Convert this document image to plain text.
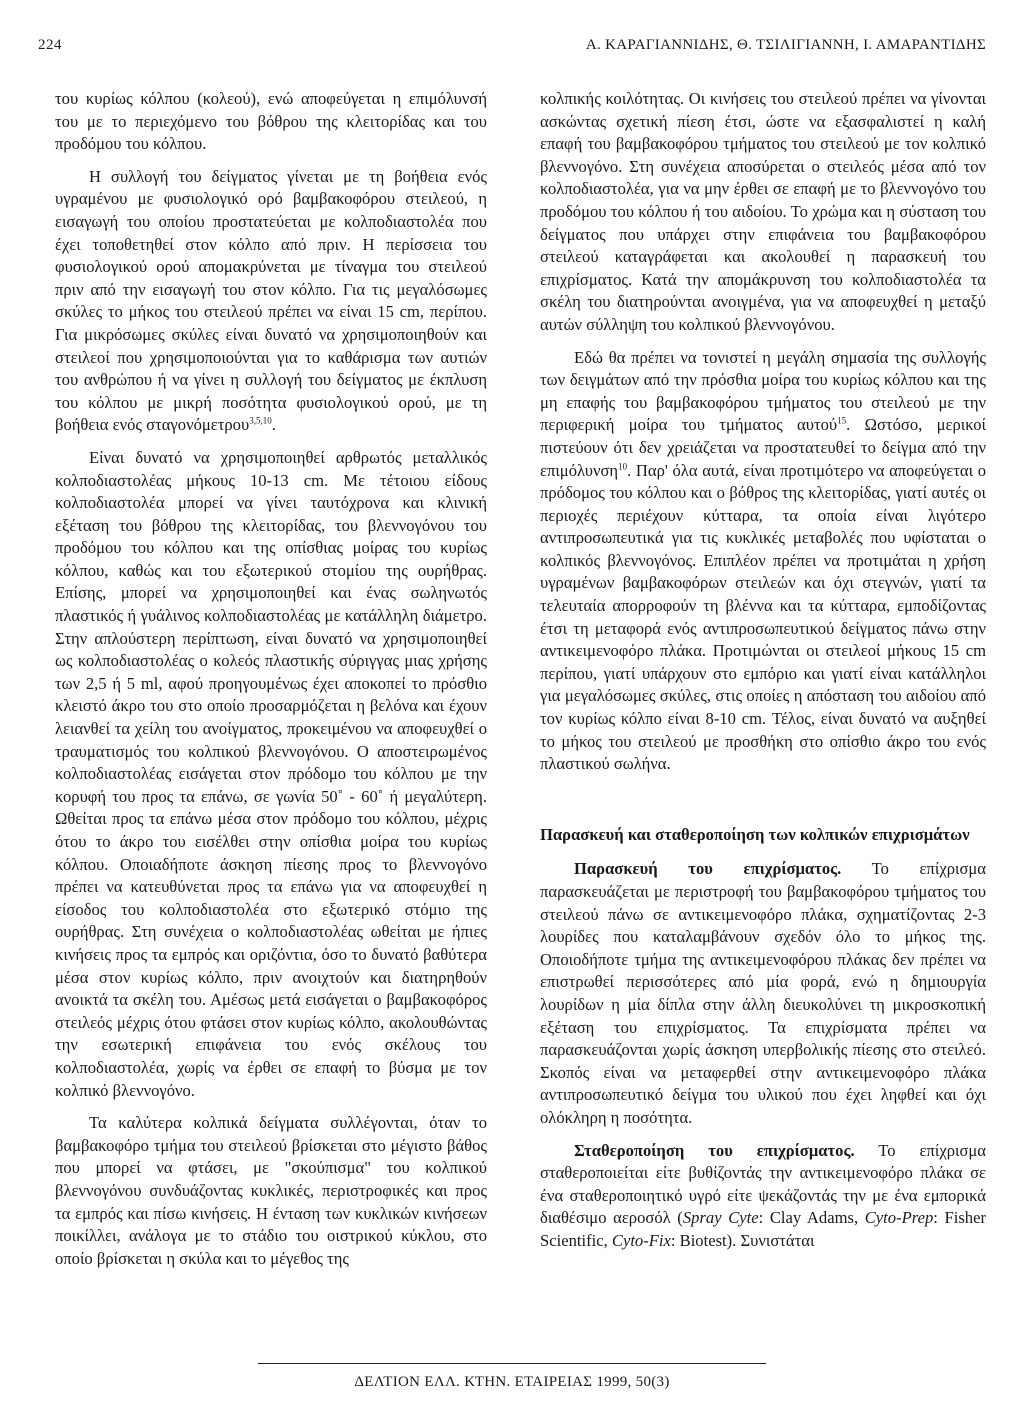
224	Α. ΚΑΡΑΓΙΑΝΝΙΔΗΣ, Θ. ΤΣΙΛΙΓΙΑΝΝΗ, Ι. ΑΜΑΡΑΝΤΙΔΗΣ

του κυρίως κόλπου (κολεού), ενώ αποφεύγεται η επιμόλυνσή του με το περιεχόμενο του βόθρου της κλειτορίδας και του προδόμου του κόλπου.

Η συλλογή του δείγματος γίνεται με τη βοήθεια ενός υγραμένου με φυσιολογικό ορό βαμβακοφόρου στειλεού, η εισαγωγή του οποίου προστατεύεται με κολποδιαστολέα που έχει τοποθετηθεί στον κόλπο από πριν. Η περίσσεια του φυσιολογικού ορού απομακρύνεται με τίναγμα του στειλεού πριν από την εισαγωγή του στον κόλπο. Για τις μεγαλόσωμες σκύλες το μήκος του στειλεού πρέπει να είναι 15 cm, περίπου. Για μικρόσωμες σκύλες είναι δυνατό να χρησιμοποιηθούν και στειλεοί που χρησιμοποιούνται για το καθάρισμα των αυτιών του ανθρώπου ή να γίνει η συλλογή του δείγματος με έκπλυση του κόλπου με μικρή ποσότητα φυσιολογικού ορού, με τη βοήθεια ενός σταγονόμετρου$^{3,5,10}$.

Είναι δυνατό να χρησιμοποιηθεί αρθρωτός μεταλλικός κολποδιαστολέας μήκους 10-13 cm. Με τέτοιου είδους κολποδιαστολέα μπορεί να γίνει ταυτόχρονα και κλινική εξέταση του βόθρου της κλειτορίδας, του βλεννογόνου του προδόμου του κόλπου και της οπίσθιας μοίρας του κυρίως κόλπου, καθώς και του εξωτερικού στομίου της ουρήθρας. Επίσης, μπορεί να χρησιμοποιηθεί και ένας σωληνωτός πλαστικός ή γυάλινος κολποδιαστολέας με κατάλληλη διάμετρο. Στην απλούστερη περίπτωση, είναι δυνατό να χρησιμοποιηθεί ως κολποδιαστολέας ο κολεός πλαστικής σύριγγας μιας χρήσης των 2,5 ή 5 ml, αφού προηγουμένως έχει αποκοπεί το πρόσθιο κλειστό άκρο του στο οποίο προσαρμόζεται η βελόνα και έχουν λειανθεί τα χείλη του ανοίγματος, προκειμένου να αποφευχθεί ο τραυματισμός του κολπικού βλεννογόνου. Ο αποστειρωμένος κολποδιαστολέας εισάγεται στον πρόδομο του κόλπου με την κορυφή του προς τα επάνω, σε γωνία 50˚ - 60˚ ή μεγαλύτερη. Ωθείται προς τα επάνω μέσα στον πρόδομο του κόλπου, μέχρις ότου το άκρο του εισέλθει στην οπίσθια μοίρα του κυρίως κόλπου. Οποιαδήποτε άσκηση πίεσης προς το βλεννογόνο πρέπει να κατευθύνεται προς τα επάνω για να αποφευχθεί η είσοδος του κολποδιαστολέα στο εξωτερικό στόμιο της ουρήθρας. Στη συνέχεια ο κολποδιαστολέας ωθείται με ήπιες κινήσεις προς τα εμπρός και οριζόντια, όσο το δυνατό βαθύτερα μέσα στον κυρίως κόλπο, πριν ανοιχτούν και διατηρηθούν ανοικτά τα σκέλη του. Αμέσως μετά εισάγεται ο βαμβακοφόρος στειλεός μέχρις ότου φτάσει στον κυρίως κόλπο, ακολουθώντας την εσωτερική επιφάνεια του ενός σκέλους του κολποδιαστολέα, χωρίς να έρθει σε επαφή το βύσμα με τον κολπικό βλεννογόνο.

Τα καλύτερα κολπικά δείγματα συλλέγονται, όταν το βαμβακοφόρο τμήμα του στειλεού βρίσκεται στο μέγιστο βάθος που μπορεί να φτάσει, με "σκούπισμα" του κολπικού βλεννογόνου συνδυάζοντας κυκλικές, περιστροφικές και προς τα εμπρός και πίσω κινήσεις. Η ένταση των κυκλικών κινήσεων ποικίλλει, ανάλογα με το στάδιο του οιστρικού κύκλου, στο οποίο βρίσκεται η σκύλα και το μέγεθος της

κολπικής κοιλότητας. Οι κινήσεις του στειλεού πρέπει να γίνονται ασκώντας σχετική πίεση έτσι, ώστε να εξασφαλιστεί η καλή επαφή του βαμβακοφόρου τμήματος του στειλεού με τον κολπικό βλεννογόνο. Στη συνέχεια αποσύρεται ο στειλεός μέσα από τον κολποδιαστολέα, για να μην έρθει σε επαφή με το βλεννογόνο του προδόμου του κόλπου ή του αιδοίου. Το χρώμα και η σύσταση του δείγματος που υπάρχει στην επιφάνεια του βαμβακοφόρου στειλεού καταγράφεται και ακολουθεί η παρασκευή του επιχρίσματος. Κατά την απομάκρυνση του κολποδιαστολέα τα σκέλη του διατηρούνται ανοιγμένα, για να αποφευχθεί η μεταξύ αυτών σύλληψη του κολπικού βλεννογόνου.

Εδώ θα πρέπει να τονιστεί η μεγάλη σημασία της συλλογής των δειγμάτων από την πρόσθια μοίρα του κυρίως κόλπου και της μη επαφής του βαμβακοφόρου τμήματος του στειλεού με την περιφερική μοίρα του τμήματος αυτού$^{15}$. Ωστόσο, μερικοί πιστεύουν ότι δεν χρειάζεται να προστατευθεί το δείγμα από την επιμόλυνση$^{10}$. Παρ' όλα αυτά, είναι προτιμότερο να αποφεύγεται ο πρόδομος του κόλπου και ο βόθρος της κλειτορίδας, γιατί αυτές οι περιοχές περιέχουν κύτταρα, τα οποία είναι λιγότερο αντιπροσωπευτικά για τις κυκλικές μεταβολές που υφίσταται ο κολπικός βλεννογόνος. Επιπλέον πρέπει να προτιμάται η χρήση υγραμένων βαμβακοφόρων στειλεών και όχι στεγνών, γιατί τα τελευταία απορροφούν τη βλέννα και τα κύτταρα, εμποδίζοντας έτσι τη μεταφορά ενός αντιπροσωπευτικού δείγματος πάνω στην αντικειμενοφόρο πλάκα. Προτιμώνται οι στειλεοί μήκους 15 cm περίπου, γιατί υπάρχουν στο εμπόριο και γιατί είναι κατάλληλοι για μεγαλόσωμες σκύλες, στις οποίες η απόσταση του αιδοίου από τον κυρίως κόλπο είναι 8-10 cm. Τέλος, είναι δυνατό να αυξηθεί το μήκος του στειλεού με προσθήκη στο οπίσθιο άκρο του ενός πλαστικού σωλήνα.

Παρασκευή και σταθεροποίηση των κολπικών επιχρισμάτων

Παρασκευή του επιχρίσματος. Το επίχρισμα παρασκευάζεται με περιστροφή του βαμβακοφόρου τμήματος του στειλεού πάνω σε αντικειμενοφόρο πλάκα, σχηματίζοντας 2-3 λουρίδες που καταλαμβάνουν σχεδόν όλο το μήκος της. Οποιοδήποτε τμήμα της αντικειμενοφόρου πλάκας δεν πρέπει να επιστρωθεί περισσότερες από μία φορά, ενώ η δημιουργία λουρίδων η μία δίπλα στην άλλη διευκολύνει τη μικροσκοπική εξέταση του επιχρίσματος. Τα επιχρίσματα πρέπει να παρασκευάζονται χωρίς άσκηση υπερβολικής πίεσης στο στειλεό. Σκοπός είναι να μεταφερθεί στην αντικειμενοφόρο πλάκα αντιπροσωπευτικό δείγμα του υλικού που έχει ληφθεί και όχι ολόκληρη η ποσότητα.

Σταθεροποίηση του επιχρίσματος. Το επίχρισμα σταθεροποιείται είτε βυθίζοντάς την αντικειμενοφόρο πλάκα σε ένα σταθεροποιητικό υγρό είτε ψεκάζοντάς την με ένα εμπορικά διαθέσιμο αεροσόλ (Spray Cyte: Clay Adams, Cyto-Prep: Fisher Scientific, Cyto-Fix: Biotest). Συνιστάται

ΔΕΛΤΙΟΝ ΕΛΛ. ΚΤΗΝ. ΕΤΑΙΡΕΙΑΣ 1999, 50(3)
